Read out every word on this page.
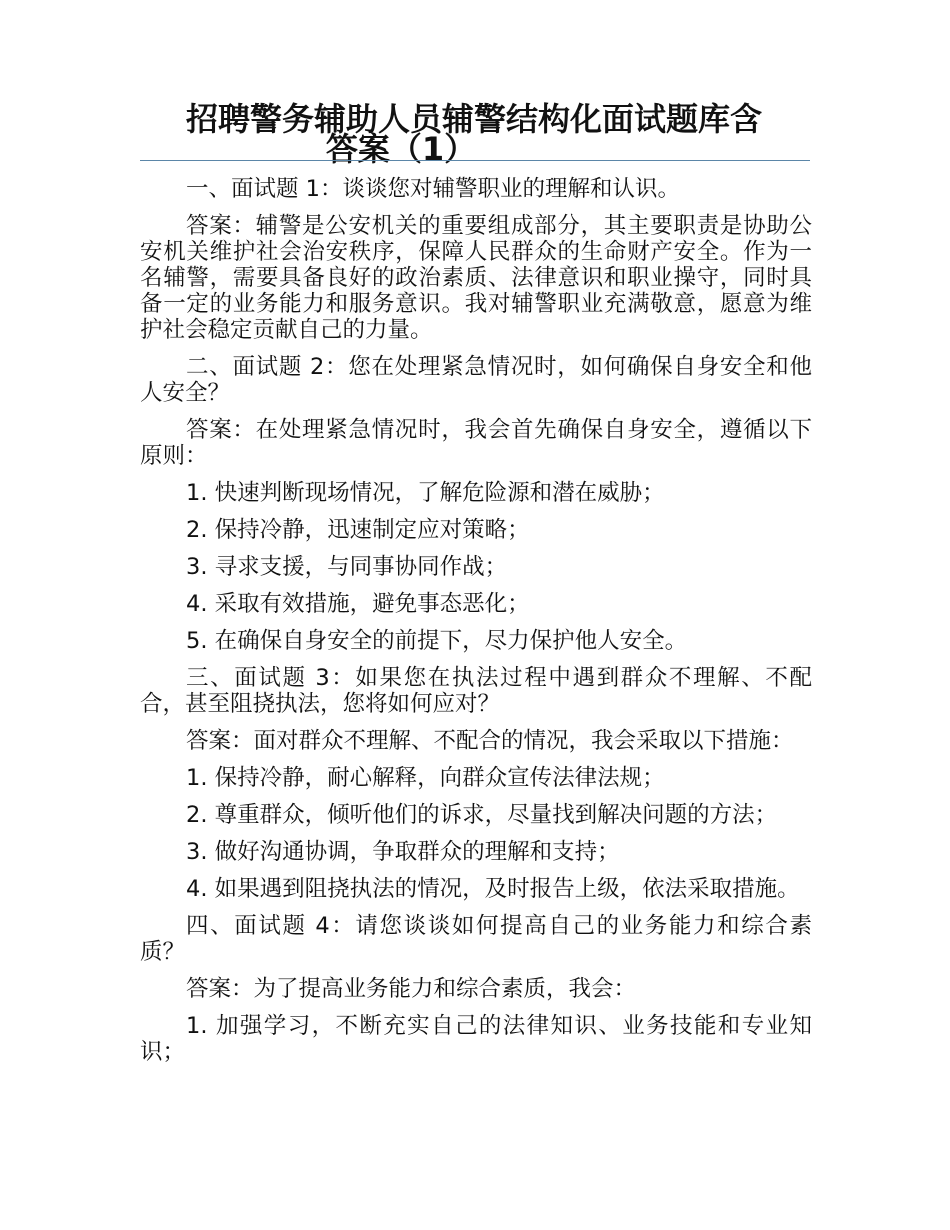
招聘警务辅助人员辅警结构化面试题库含
答案（1）

一、面试题 1：谈谈您对辅警职业的理解和认识。

答案：辅警是公安机关的重要组成部分，其主要职责是协助公安机关维护社会治安秩序，保障人民群众的生命财产安全。作为一名辅警，需要具备良好的政治素质、法律意识和职业操守，同时具备一定的业务能力和服务意识。我对辅警职业充满敬意，愿意为维护社会稳定贡献自己的力量。

二、面试题 2：您在处理紧急情况时，如何确保自身安全和他人安全？

答案：在处理紧急情况时，我会首先确保自身安全，遵循以下原则：

1. 快速判断现场情况，了解危险源和潜在威胁；

2. 保持冷静，迅速制定应对策略；

3. 寻求支援，与同事协同作战；

4. 采取有效措施，避免事态恶化；

5. 在确保自身安全的前提下，尽力保护他人安全。

三、面试题 3：如果您在执法过程中遇到群众不理解、不配合，甚至阻挠执法，您将如何应对？

答案：面对群众不理解、不配合的情况，我会采取以下措施：

1. 保持冷静，耐心解释，向群众宣传法律法规；

2. 尊重群众，倾听他们的诉求，尽量找到解决问题的方法；

3. 做好沟通协调，争取群众的理解和支持；

4. 如果遇到阻挠执法的情况，及时报告上级，依法采取措施。

四、面试题 4：请您谈谈如何提高自己的业务能力和综合素质？

答案：为了提高业务能力和综合素质，我会：

1. 加强学习，不断充实自己的法律知识、业务技能和专业知识；
